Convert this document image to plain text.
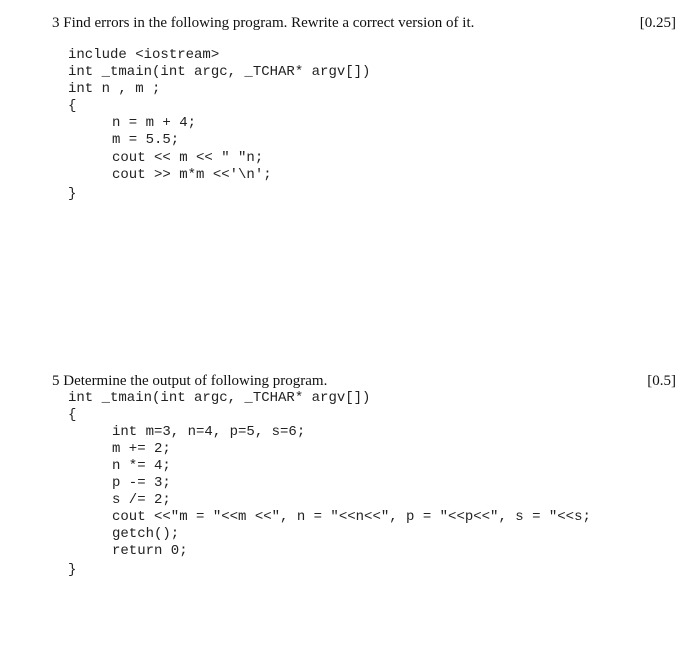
3 Find errors in the following program. Rewrite a correct version of it.	[0.25]
include <iostream>
int _tmain(int argc, _TCHAR* argv[])
int n , m ;
{
n = m + 4;
m = 5.5;
cout << m << " "n;
cout >> m*m <<'\n';
}
5 Determine the output of following program.	[0.5]
int _tmain(int argc, _TCHAR* argv[])
{
int m=3, n=4, p=5, s=6;
m += 2;
n *= 4;
p -= 3;
s /= 2;
cout <<"m = "<<m <<", n = "<<n<<", p = "<<p<<", s = "<<s;
getch();
return 0;
}
